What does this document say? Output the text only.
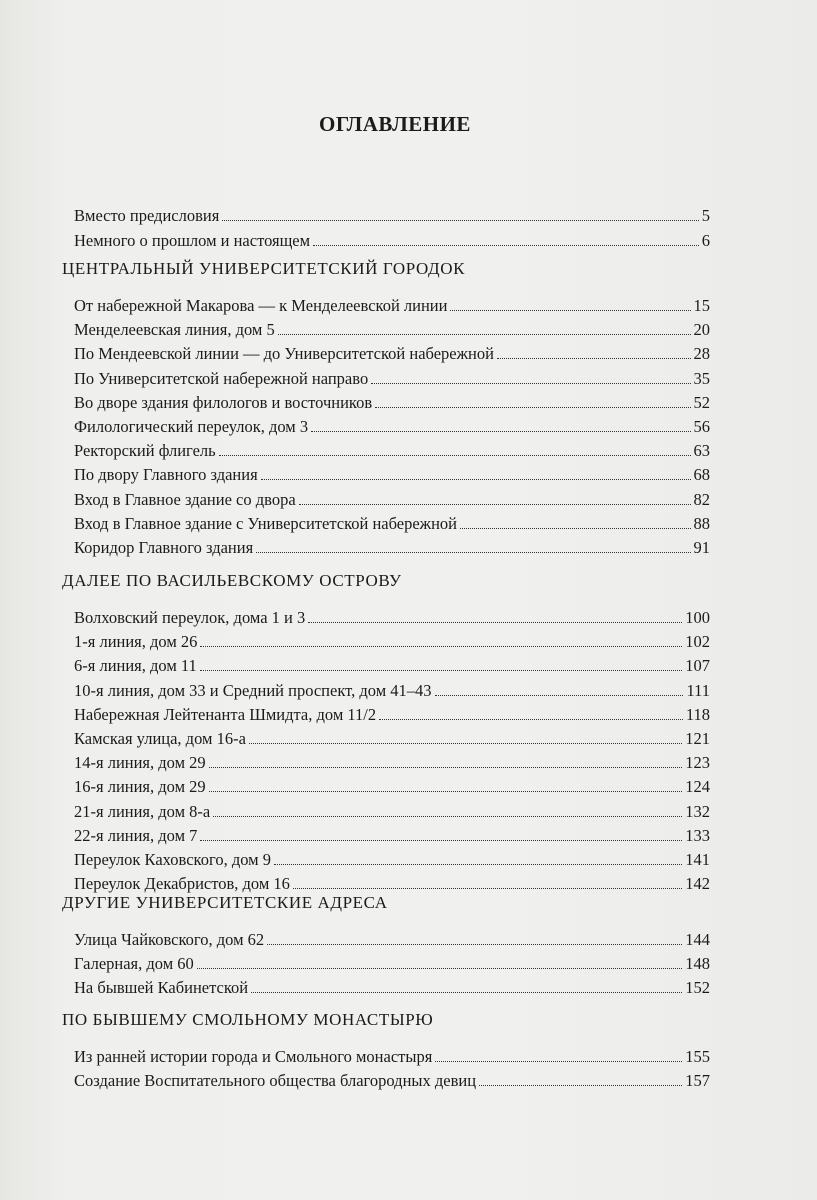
ОГЛАВЛЕНИЕ
Вместо предисловия	5
Немного о прошлом и настоящем	6
ЦЕНТРАЛЬНЫЙ УНИВЕРСИТЕТСКИЙ ГОРОДОК
От набережной Макарова — к Менделеевской линии	15
Менделеевская линия, дом 5	20
По Мендеевской линии — до Университетской набережной	28
По Университетской набережной направо	35
Во дворе здания филологов и восточников	52
Филологический переулок, дом 3	56
Ректорский флигель	63
По двору Главного здания	68
Вход в Главное здание со двора	82
Вход в Главное здание с Университетской набережной	88
Коридор Главного здания	91
ДАЛЕЕ ПО ВАСИЛЬЕВСКОМУ ОСТРОВУ
Волховский переулок, дома 1 и 3	100
1-я линия, дом 26	102
6-я линия, дом 11	107
10-я линия, дом 33 и Средний проспект, дом 41–43	111
Набережная Лейтенанта Шмидта, дом 11/2	118
Камская улица, дом 16-а	121
14-я линия, дом 29	123
16-я линия, дом 29	124
21-я линия, дом 8-а	132
22-я линия, дом 7	133
Переулок Каховского, дом 9	141
Переулок Декабристов, дом 16	142
ДРУГИЕ УНИВЕРСИТЕТСКИЕ АДРЕСА
Улица Чайковского, дом 62	144
Галерная, дом 60	148
На бывшей Кабинетской	152
ПО БЫВШЕМУ СМОЛЬНОМУ МОНАСТЫРЮ
Из ранней истории города и Смольного монастыря	155
Создание Воспитательного общества благородных девиц	157
